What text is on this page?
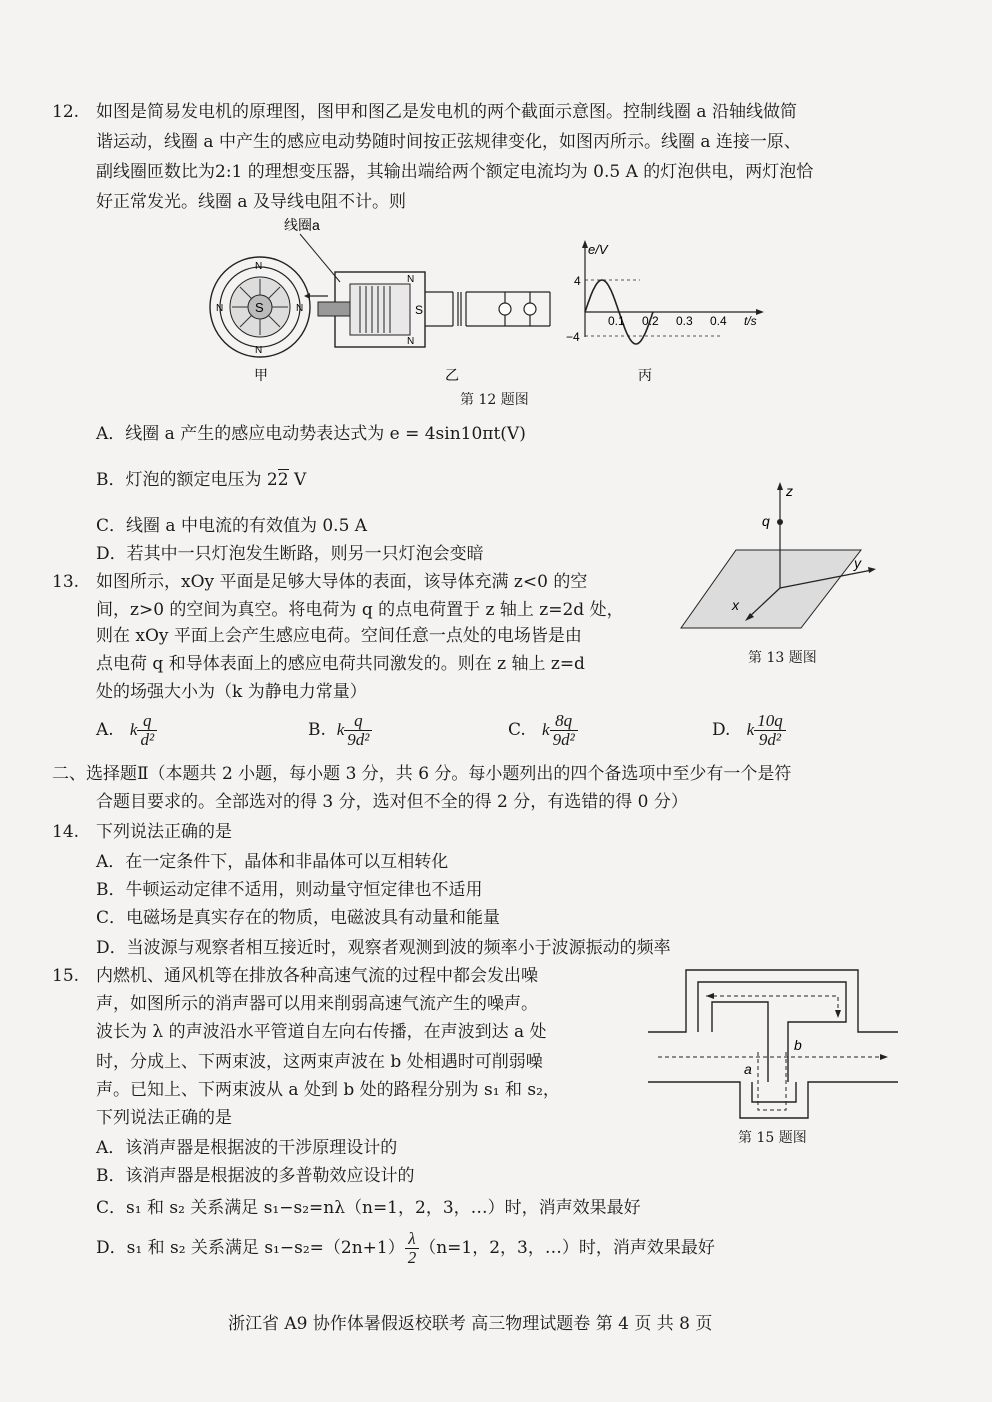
12. 如图是简易发电机的原理图，图甲和图乙是发电机的两个截面示意图。控制线圈 a 沿轴线做简
谐运动，线圈 a 中产生的感应电动势随时间按正弦规律变化，如图丙所示。线圈 a 连接一原、
副线圈匝数比为2:1 的理想变压器，其输出端给两个额定电流均为 0.5 A 的灯泡供电，两灯泡恰
好正常发光。线圈 a 及导线电阻不计。则
线圈a
S
N
N
N	N	S
N
N
e/V
4
−4
0.1 0.2 0.3 0.4 t/s
甲	乙	丙
第 12 题图
A．线圈 a 产生的感应电动势表达式为 e = 4sin10πt(V)
B．灯泡的额定电压为 22 V
C．线圈 a 中电流的有效值为 0.5 A
D．若其中一只灯泡发生断路，则另一只灯泡会变暗
13. 如图所示，xOy 平面是足够大导体的表面，该导体充满 z<0 的空
间，z>0 的空间为真空。将电荷为 q 的点电荷置于 z 轴上 z=2d 处，
则在 xOy 平面上会产生感应电荷。空间任意一点处的电场皆是由
点电荷 q 和导体表面上的感应电荷共同激发的。则在 z 轴上 z=d
处的场强大小为（k 为静电力常量）
z
y
x
q
第 13 题图
A. k $\frac{q}{\text{d²}}$	B. k $\frac{q}{\text{9d²}}$	C. k $\frac{8q}{\text{9d²}}$	D. k $\frac{10q}{\text{9d²}}$
二、选择题Ⅱ（本题共 2 小题，每小题 3 分，共 6 分。每小题列出的四个备选项中至少有一个是符
合题目要求的。全部选对的得 3 分，选对但不全的得 2 分，有选错的得 0 分）
14. 下列说法正确的是
A．在一定条件下，晶体和非晶体可以互相转化
B．牛顿运动定律不适用，则动量守恒定律也不适用
C．电磁场是真实存在的物质，电磁波具有动量和能量
D．当波源与观察者相互接近时，观察者观测到波的频率小于波源振动的频率
15. 内燃机、通风机等在排放各种高速气流的过程中都会发出噪
声，如图所示的消声器可以用来削弱高速气流产生的噪声。
波长为 λ 的声波沿水平管道自左向右传播，在声波到达 a 处
时，分成上、下两束波，这两束声波在 b 处相遇时可削弱噪
声。已知上、下两束波从 a 处到 b 处的路程分别为 s₁ 和 s₂，
下列说法正确的是
a
b
第 15 题图
A．该消声器是根据波的干涉原理设计的
B．该消声器是根据波的多普勒效应设计的
C．s₁ 和 s₂ 关系满足 s₁−s₂=nλ（n=1，2，3，…）时，消声效果最好
D．s₁ 和 s₂ 关系满足 $s_1-s_2=(2n+1) \frac{\lambda}{2} (n=1$，2，3，…）时，消声效果最好
浙江省 A9 协作体暑假返校联考 高三物理试题卷 第 4 页 共 8 页
